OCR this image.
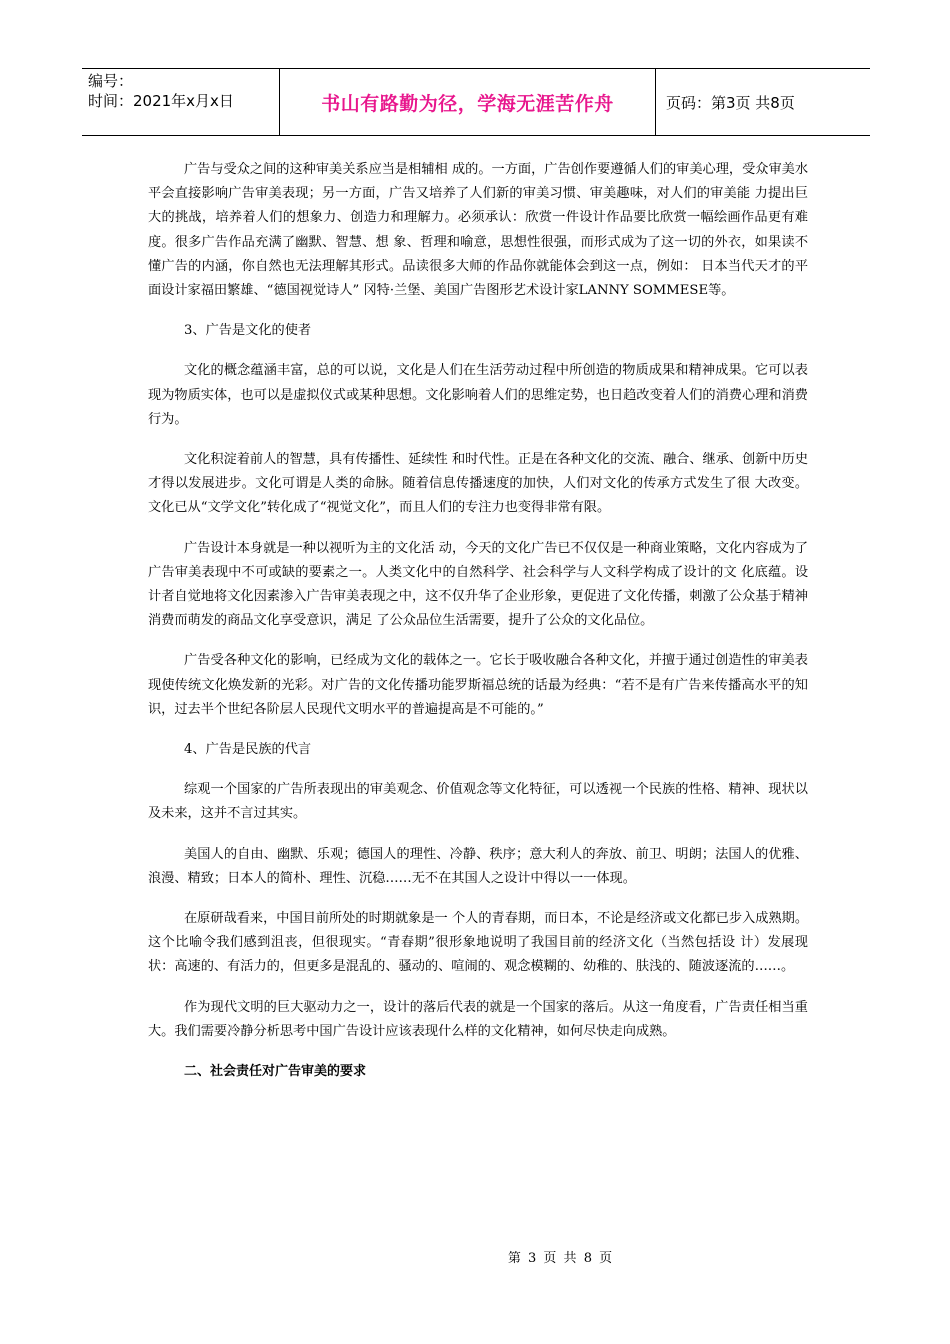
编号：
时间：2021年x月x日	书山有路勤为径，学海无涯苦作舟	页码：第3页 共8页

广告与受众之间的这种审美关系应当是相辅相 成的。一方面，广告创作要遵循人们的审美心理，受众审美水平会直接影响广告审美表现；另一方面，广告又培养了人们新的审美习惯、审美趣味，对人们的审美能 力提出巨大的挑战，培养着人们的想象力、创造力和理解力。必须承认：欣赏一件设计作品要比欣赏一幅绘画作品更有难度。很多广告作品充满了幽默、智慧、想 象、哲理和喻意，思想性很强，而形式成为了这一切的外衣，如果读不懂广告的内涵，你自然也无法理解其形式。品读很多大师的作品你就能体会到这一点，例如： 日本当代天才的平面设计家福田繁雄、“德国视觉诗人” 冈特·兰堡、美国广告图形艺术设计家LANNY SOMMESE等。

3、广告是文化的使者

文化的概念蕴涵丰富，总的可以说，文化是人们在生活劳动过程中所创造的物质成果和精神成果。它可以表现为物质实体，也可以是虚拟仪式或某种思想。文化影响着人们的思维定势，也日趋改变着人们的消费心理和消费行为。

文化积淀着前人的智慧，具有传播性、延续性 和时代性。正是在各种文化的交流、融合、继承、创新中历史才得以发展进步。文化可谓是人类的命脉。随着信息传播速度的加快，人们对文化的传承方式发生了很 大改变。文化已从“文学文化”转化成了“视觉文化”，而且人们的专注力也变得非常有限。

广告设计本身就是一种以视听为主的文化活 动，今天的文化广告已不仅仅是一种商业策略，文化内容成为了广告审美表现中不可或缺的要素之一。人类文化中的自然科学、社会科学与人文科学构成了设计的文 化底蕴。设计者自觉地将文化因素渗入广告审美表现之中，这不仅升华了企业形象，更促进了文化传播，刺激了公众基于精神消费而萌发的商品文化享受意识，满足 了公众品位生活需要，提升了公众的文化品位。

广告受各种文化的影响，已经成为文化的载体之一。它长于吸收融合各种文化，并擅于通过创造性的审美表现使传统文化焕发新的光彩。对广告的文化传播功能罗斯福总统的话最为经典：“若不是有广告来传播高水平的知识，过去半个世纪各阶层人民现代文明水平的普遍提高是不可能的。”

4、广告是民族的代言

综观一个国家的广告所表现出的审美观念、价值观念等文化特征，可以透视一个民族的性格、精神、现状以及未来，这并不言过其实。

美国人的自由、幽默、乐观；德国人的理性、冷静、秩序；意大利人的奔放、前卫、明朗；法国人的优雅、浪漫、精致；日本人的简朴、理性、沉稳……无不在其国人之设计中得以一一体现。

在原研哉看来，中国目前所处的时期就象是一 个人的青春期，而日本，不论是经济或文化都已步入成熟期。这个比喻令我们感到沮丧，但很现实。“青春期”很形象地说明了我国目前的经济文化（当然包括设 计）发展现状：高速的、有活力的，但更多是混乱的、骚动的、喧闹的、观念模糊的、幼稚的、肤浅的、随波逐流的……。

作为现代文明的巨大驱动力之一，设计的落后代表的就是一个国家的落后。从这一角度看，广告责任相当重大。我们需要冷静分析思考中国广告设计应该表现什么样的文化精神，如何尽快走向成熟。

二、社会责任对广告审美的要求

第 3 页 共 8 页
